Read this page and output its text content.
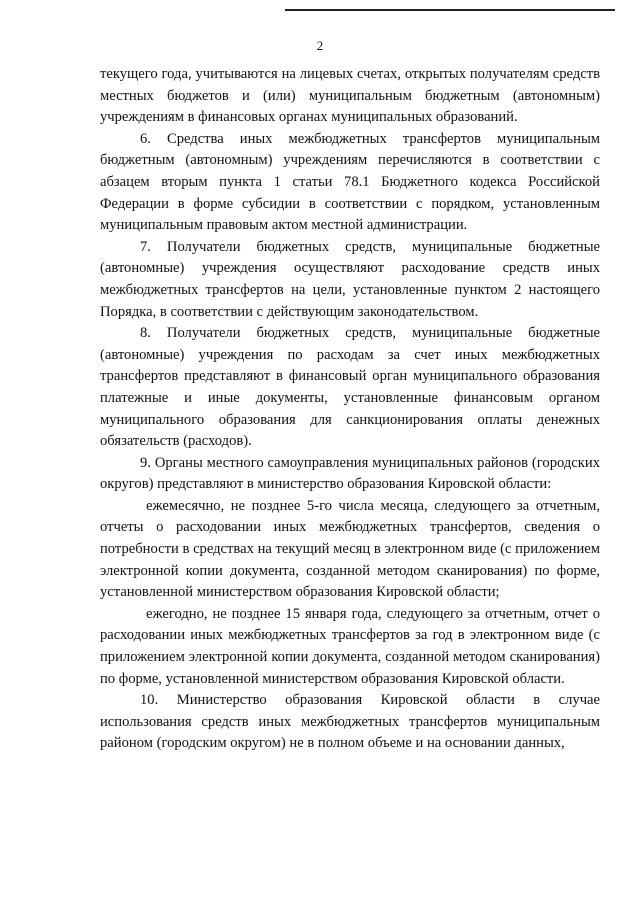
2

текущего года, учитываются на лицевых счетах, открытых получателям средств местных бюджетов и (или) муниципальным бюджетным (автономным) учреждениям в финансовых органах муниципальных образований.

6. Средства иных межбюджетных трансфертов муниципальным бюджетным (автономным) учреждениям перечисляются в соответствии с абзацем вторым пункта 1 статьи 78.1 Бюджетного кодекса Российской Федерации в форме субсидии в соответствии с порядком, установленным муниципальным правовым актом местной администрации.

7. Получатели бюджетных средств, муниципальные бюджетные (автономные) учреждения осуществляют расходование средств иных межбюджетных трансфертов на цели, установленные пунктом 2 настоящего Порядка, в соответствии с действующим законодательством.

8. Получатели бюджетных средств, муниципальные бюджетные (автономные) учреждения по расходам за счет иных межбюджетных трансфертов представляют в финансовый орган муниципального образования платежные и иные документы, установленные финансовым органом муниципального образования для санкционирования оплаты денежных обязательств (расходов).

9. Органы местного самоуправления муниципальных районов (городских округов) представляют в министерство образования Кировской области:

ежемесячно, не позднее 5-го числа месяца, следующего за отчетным, отчеты о расходовании иных межбюджетных трансфертов, сведения о потребности в средствах на текущий месяц в электронном виде (с приложением электронной копии документа, созданной методом сканирования) по форме, установленной министерством образования Кировской области;

ежегодно, не позднее 15 января года, следующего за отчетным, отчет о расходовании иных межбюджетных трансфертов за год в электронном виде (с приложением электронной копии документа, созданной методом сканирования) по форме, установленной министерством образования Кировской области.

10. Министерство образования Кировской области в случае использования средств иных межбюджетных трансфертов муниципальным районом (городским округом) не в полном объеме и на основании данных,
